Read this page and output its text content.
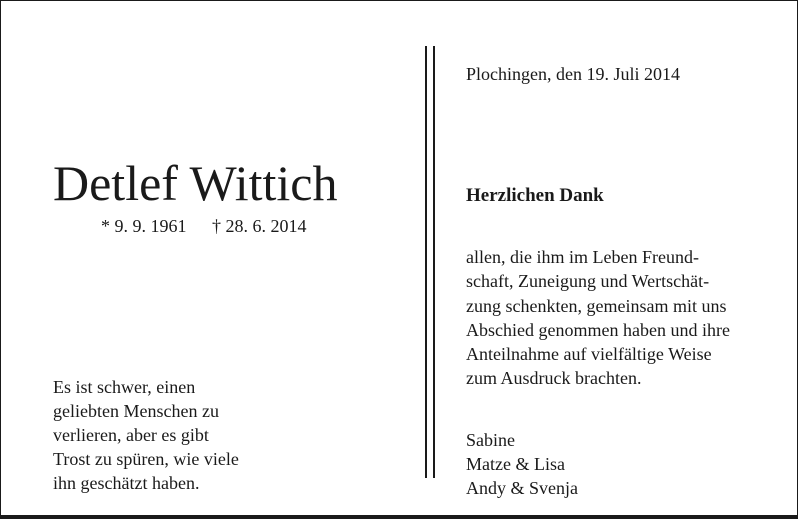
Detlef Wittich
* 9. 9. 1961 † 28. 6. 2014
Es ist schwer, einen
geliebten Menschen zu
verlieren, aber es gibt
Trost zu spüren, wie viele
ihn geschätzt haben.
Plochingen, den 19. Juli 2014
Herzlichen Dank
allen, die ihm im Leben Freund-
schaft, Zuneigung und Wertschät-
zung schenkten, gemeinsam mit uns
Abschied genommen haben und ihre
Anteilnahme auf vielfältige Weise
zum Ausdruck brachten.
Sabine
Matze & Lisa
Andy & Svenja
